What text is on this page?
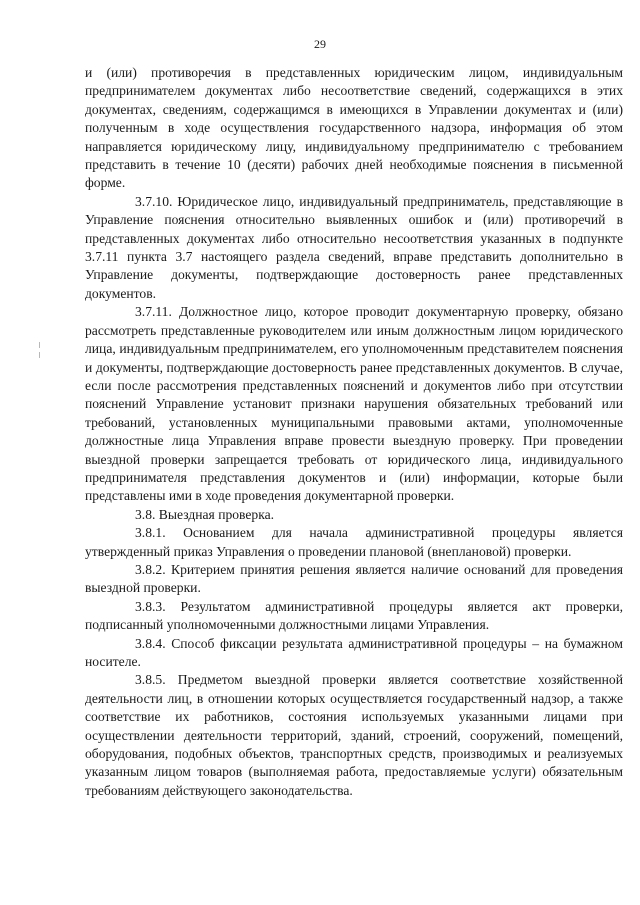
29

и (или) противоречия в представленных юридическим лицом, индивидуальным предпринимателем документах либо несоответствие сведений, содержащихся в этих документах, сведениям, содержащимся в имеющихся в Управлении документах и (или) полученным в ходе осуществления государственного надзора, информация об этом направляется юридическому лицу, индивидуальному предпринимателю с требованием представить в течение 10 (десяти) рабочих дней необходимые пояснения в письменной форме.

3.7.10. Юридическое лицо, индивидуальный предприниматель, представляющие в Управление пояснения относительно выявленных ошибок и (или) противоречий в представленных документах либо относительно несоответствия указанных в подпункте 3.7.11 пункта 3.7 настоящего раздела сведений, вправе представить дополнительно в Управление документы, подтверждающие достоверность ранее представленных документов.

3.7.11. Должностное лицо, которое проводит документарную проверку, обязано рассмотреть представленные руководителем или иным должностным лицом юридического лица, индивидуальным предпринимателем, его уполномоченным представителем пояснения и документы, подтверждающие достоверность ранее представленных документов. В случае, если после рассмотрения представленных пояснений и документов либо при отсутствии пояснений Управление установит признаки нарушения обязательных требований или требований, установленных муниципальными правовыми актами, уполномоченные должностные лица Управления вправе провести выездную проверку. При проведении выездной проверки запрещается требовать от юридического лица, индивидуального предпринимателя представления документов и (или) информации, которые были представлены ими в ходе проведения документарной проверки.

3.8. Выездная проверка.

3.8.1. Основанием для начала административной процедуры является утвержденный приказ Управления о проведении плановой (внеплановой) проверки.

3.8.2. Критерием принятия решения является наличие оснований для проведения выездной проверки.

3.8.3. Результатом административной процедуры является акт проверки, подписанный уполномоченными должностными лицами Управления.

3.8.4. Способ фиксации результата административной процедуры – на бумажном носителе.

3.8.5. Предметом выездной проверки является соответствие хозяйственной деятельности лиц, в отношении которых осуществляется государственный надзор, а также соответствие их работников, состояния используемых указанными лицами при осуществлении деятельности территорий, зданий, строений, сооружений, помещений, оборудования, подобных объектов, транспортных средств, производимых и реализуемых указанным лицом товаров (выполняемая работа, предоставляемые услуги) обязательным требованиям действующего законодательства.
